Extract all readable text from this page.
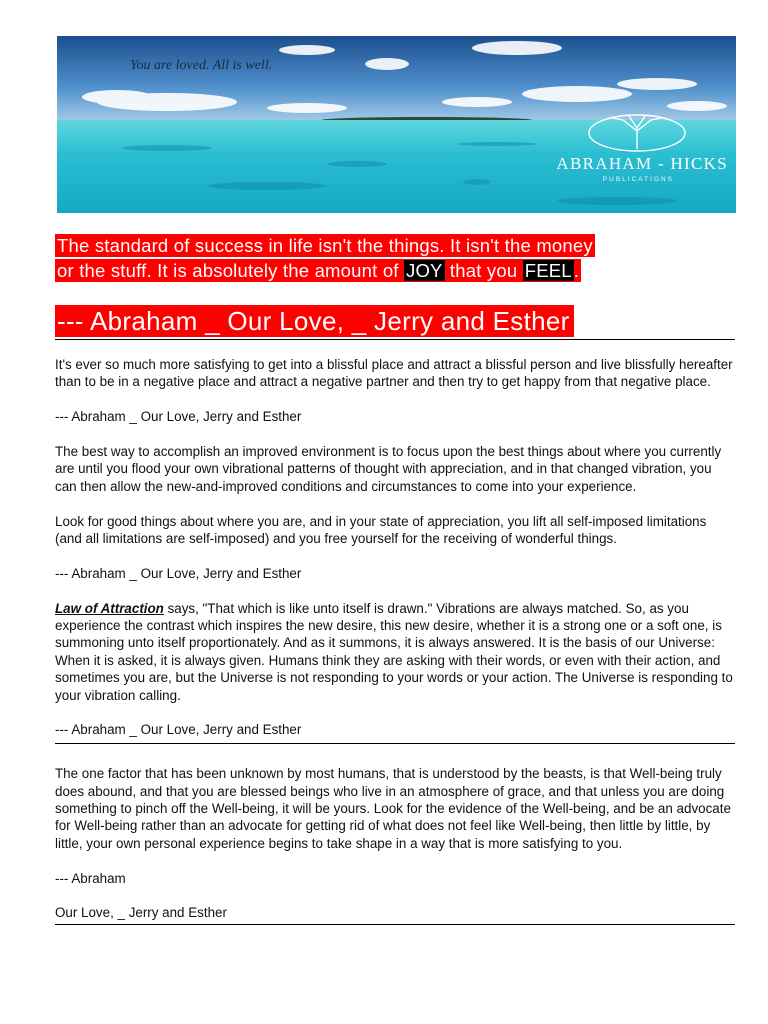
You are loved. All is well.
ABRAHAM - HICKS
PUBLICATIONS
The standard of success in life isn't the things. It isn't the money
or the stuff. It is absolutely the amount of JOY that you FEEL .
--- Abraham _ Our Love, _ Jerry and Esther

It's ever so much more satisfying to get into a blissful place and attract a blissful person and live blissfully hereafter than to be in a negative place and attract a negative partner and then try to get happy from that negative place.

--- Abraham _ Our Love, Jerry and Esther

The best way to accomplish an improved environment is to focus upon the best things about where you currently are until you flood your own vibrational patterns of thought with appreciation, and in that changed vibration, you can then allow the new-and-improved conditions and circumstances to come into your experience.

Look for good things about where you are, and in your state of appreciation, you lift all self-imposed limitations (and all limitations are self-imposed) and you free yourself for the receiving of wonderful things.

--- Abraham _ Our Love, Jerry and Esther

Law of Attraction says, "That which is like unto itself is drawn." Vibrations are always matched. So, as you experience the contrast which inspires the new desire, this new desire, whether it is a strong one or a soft one, is summoning unto itself proportionately. And as it summons, it is always answered. It is the basis of our Universe: When it is asked, it is always given. Humans think they are asking with their words, or even with their action, and sometimes you are, but the Universe is not responding to your words or your action. The Universe is responding to your vibration calling.

--- Abraham _ Our Love, Jerry and Esther

The one factor that has been unknown by most humans, that is understood by the beasts, is that Well-being truly does abound, and that you are blessed beings who live in an atmosphere of grace, and that unless you are doing something to pinch off the Well-being, it will be yours. Look for the evidence of the Well-being, and be an advocate for Well-being rather than an advocate for getting rid of what does not feel like Well-being, then little by little, by little, your own personal experience begins to take shape in a way that is more satisfying to you.

--- Abraham

Our Love, _ Jerry and Esther
